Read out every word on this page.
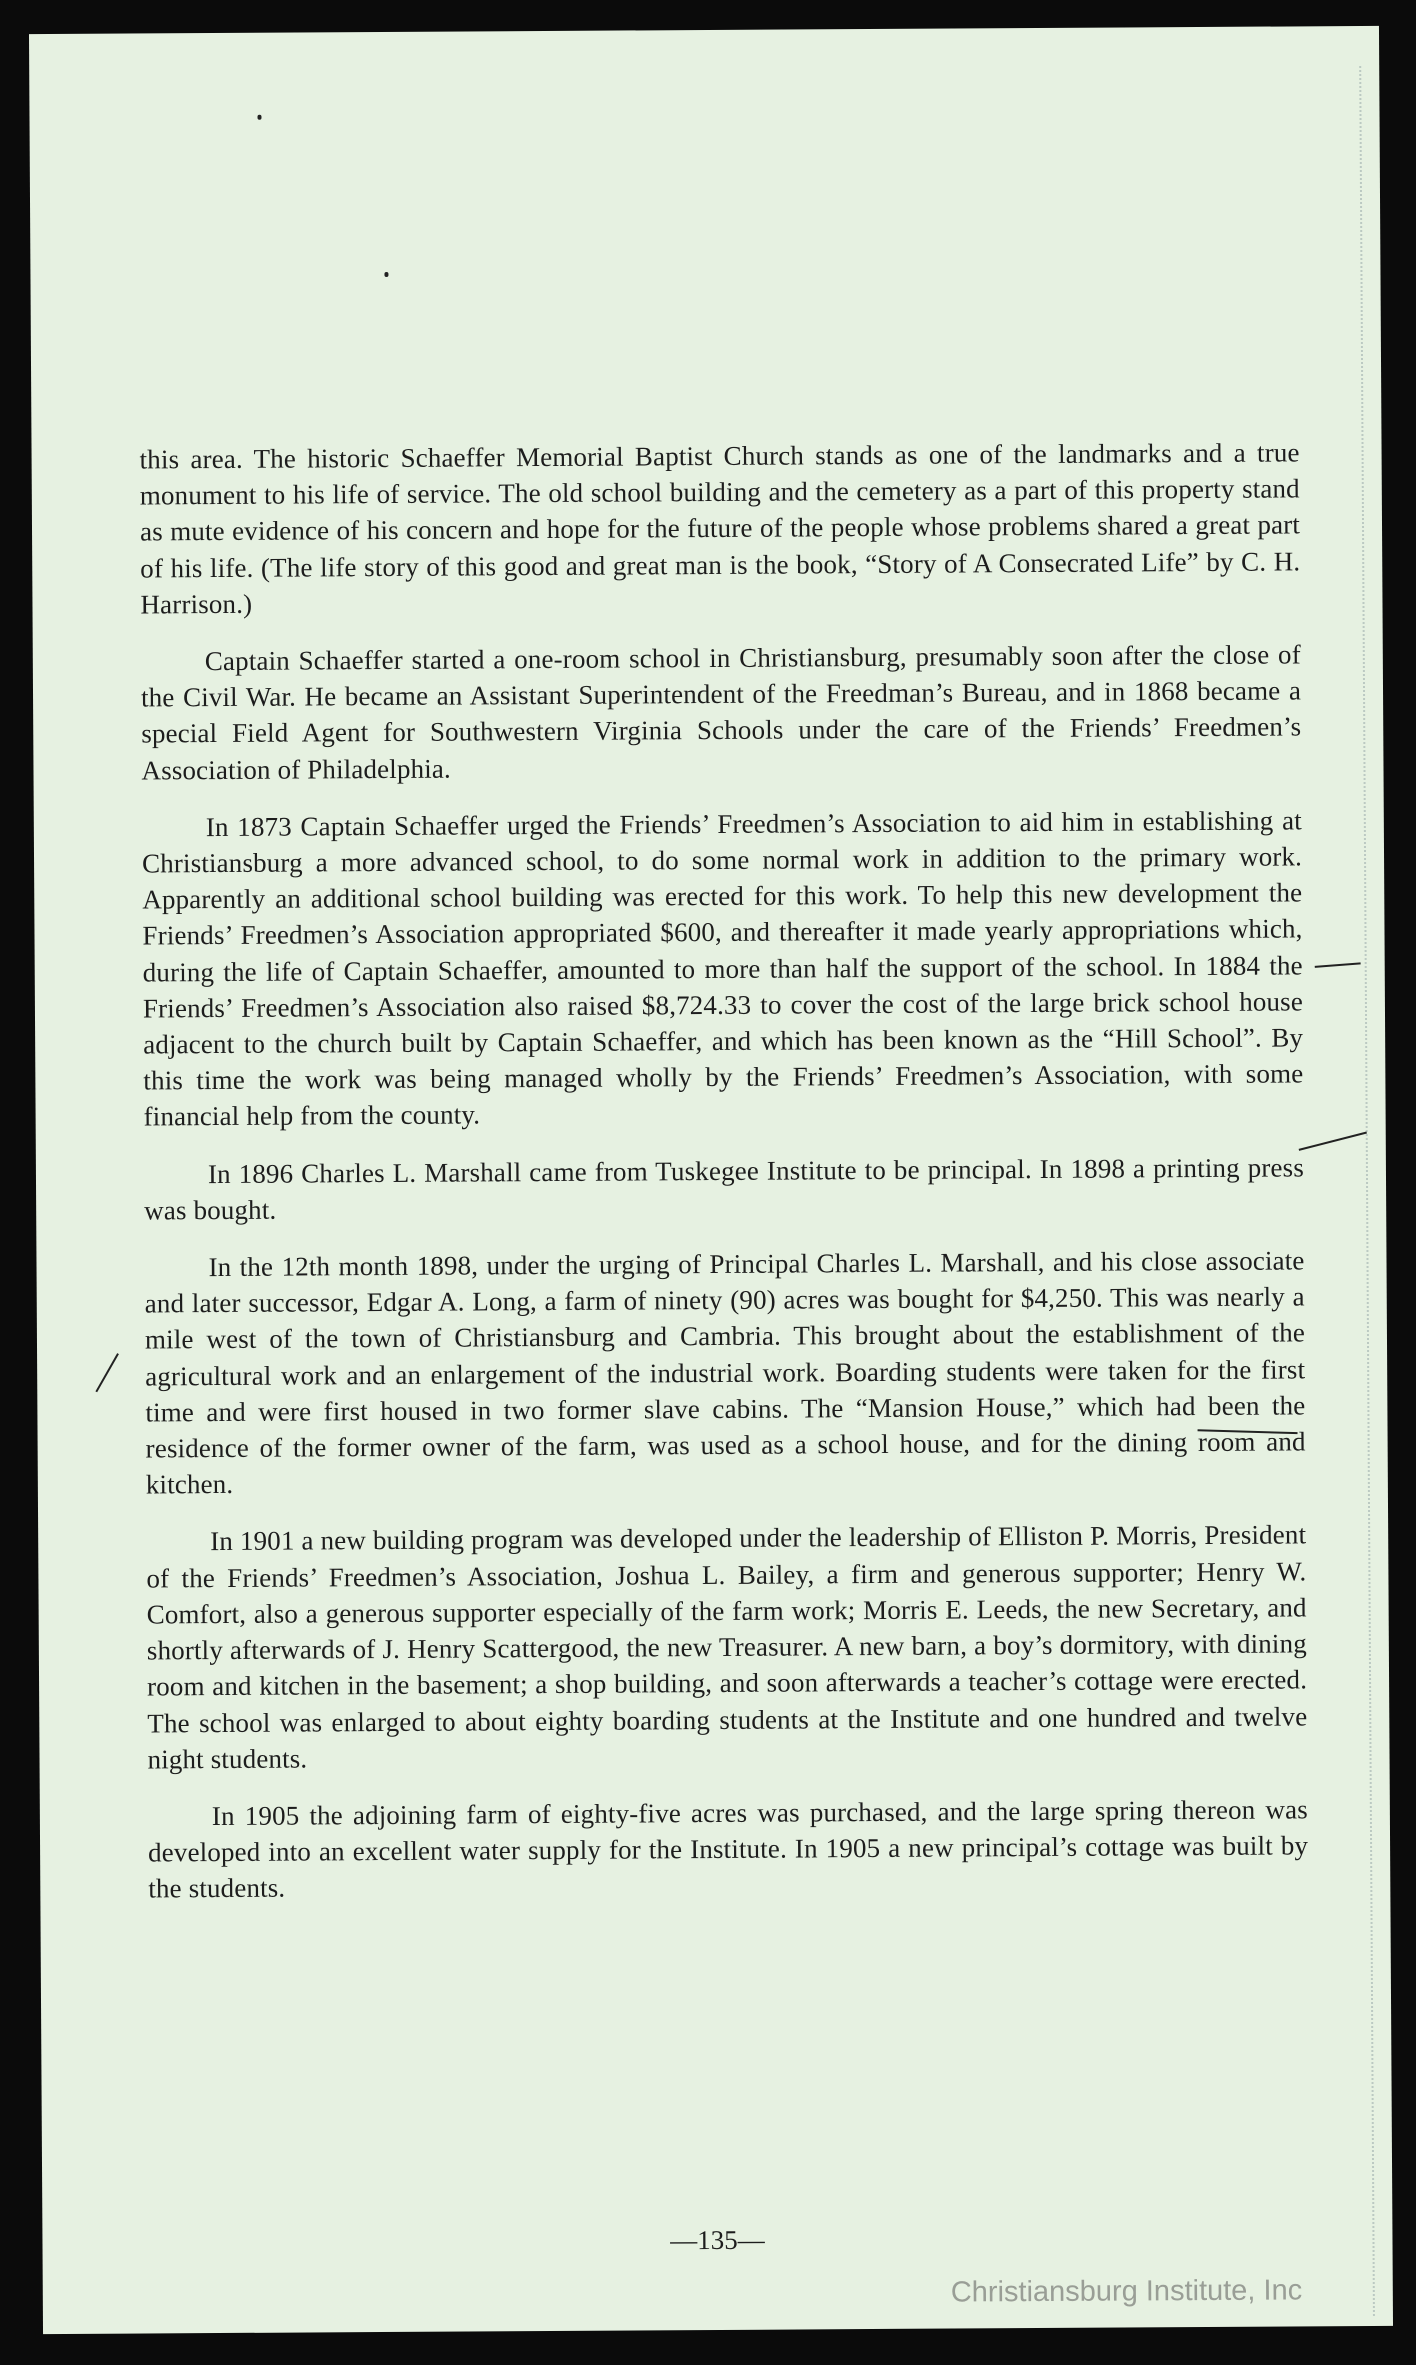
this area. The historic Schaeffer Memorial Baptist Church stands as one of the landmarks and a true monument to his life of service. The old school building and the cemetery as a part of this property stand as mute evidence of his concern and hope for the future of the people whose problems shared a great part of his life. (The life story of this good and great man is the book, “Story of A Consecrated Life” by C. H. Harrison.)

Captain Schaeffer started a one-room school in Christiansburg, presumably soon after the close of the Civil War. He became an Assistant Superintendent of the Freedman’s Bureau, and in 1868 became a special Field Agent for Southwestern Virginia Schools under the care of the Friends’ Freedmen’s Association of Philadelphia.

In 1873 Captain Schaeffer urged the Friends’ Freedmen’s Association to aid him in establishing at Christiansburg a more advanced school, to do some normal work in addition to the primary work. Apparently an additional school building was erected for this work. To help this new development the Friends’ Freedmen’s Association appropriated $600, and thereafter it made yearly appropriations which, during the life of Captain Schaeffer, amounted to more than half the support of the school. In 1884 the Friends’ Freedmen’s Association also raised $8,724.33 to cover the cost of the large brick school house adjacent to the church built by Captain Schaeffer, and which has been known as the “Hill School”. By this time the work was being managed wholly by the Friends’ Freedmen’s Association, with some financial help from the county.

In 1896 Charles L. Marshall came from Tuskegee Institute to be principal. In 1898 a printing press was bought.

In the 12th month 1898, under the urging of Principal Charles L. Marshall, and his close associate and later successor, Edgar A. Long, a farm of ninety (90) acres was bought for $4,250. This was nearly a mile west of the town of Christiansburg and Cambria. This brought about the establishment of the agricultural work and an enlargement of the industrial work. Boarding students were taken for the first time and were first housed in two former slave cabins. The “Mansion House,” which had been the residence of the former owner of the farm, was used as a school house, and for the dining room and kitchen.

In 1901 a new building program was developed under the leadership of Elliston P. Morris, President of the Friends’ Freedmen’s Association, Joshua L. Bailey, a firm and generous supporter; Henry W. Comfort, also a generous supporter especially of the farm work; Morris E. Leeds, the new Secretary, and shortly afterwards of J. Henry Scattergood, the new Treasurer. A new barn, a boy’s dormitory, with dining room and kitchen in the basement; a shop building, and soon afterwards a teacher’s cottage were erected. The school was enlarged to about eighty boarding students at the Institute and one hundred and twelve night students.

In 1905 the adjoining farm of eighty-five acres was purchased, and the large spring thereon was developed into an excellent water supply for the Institute. In 1905 a new principal’s cottage was built by the students.

—135—
Christiansburg Institute, Inc
